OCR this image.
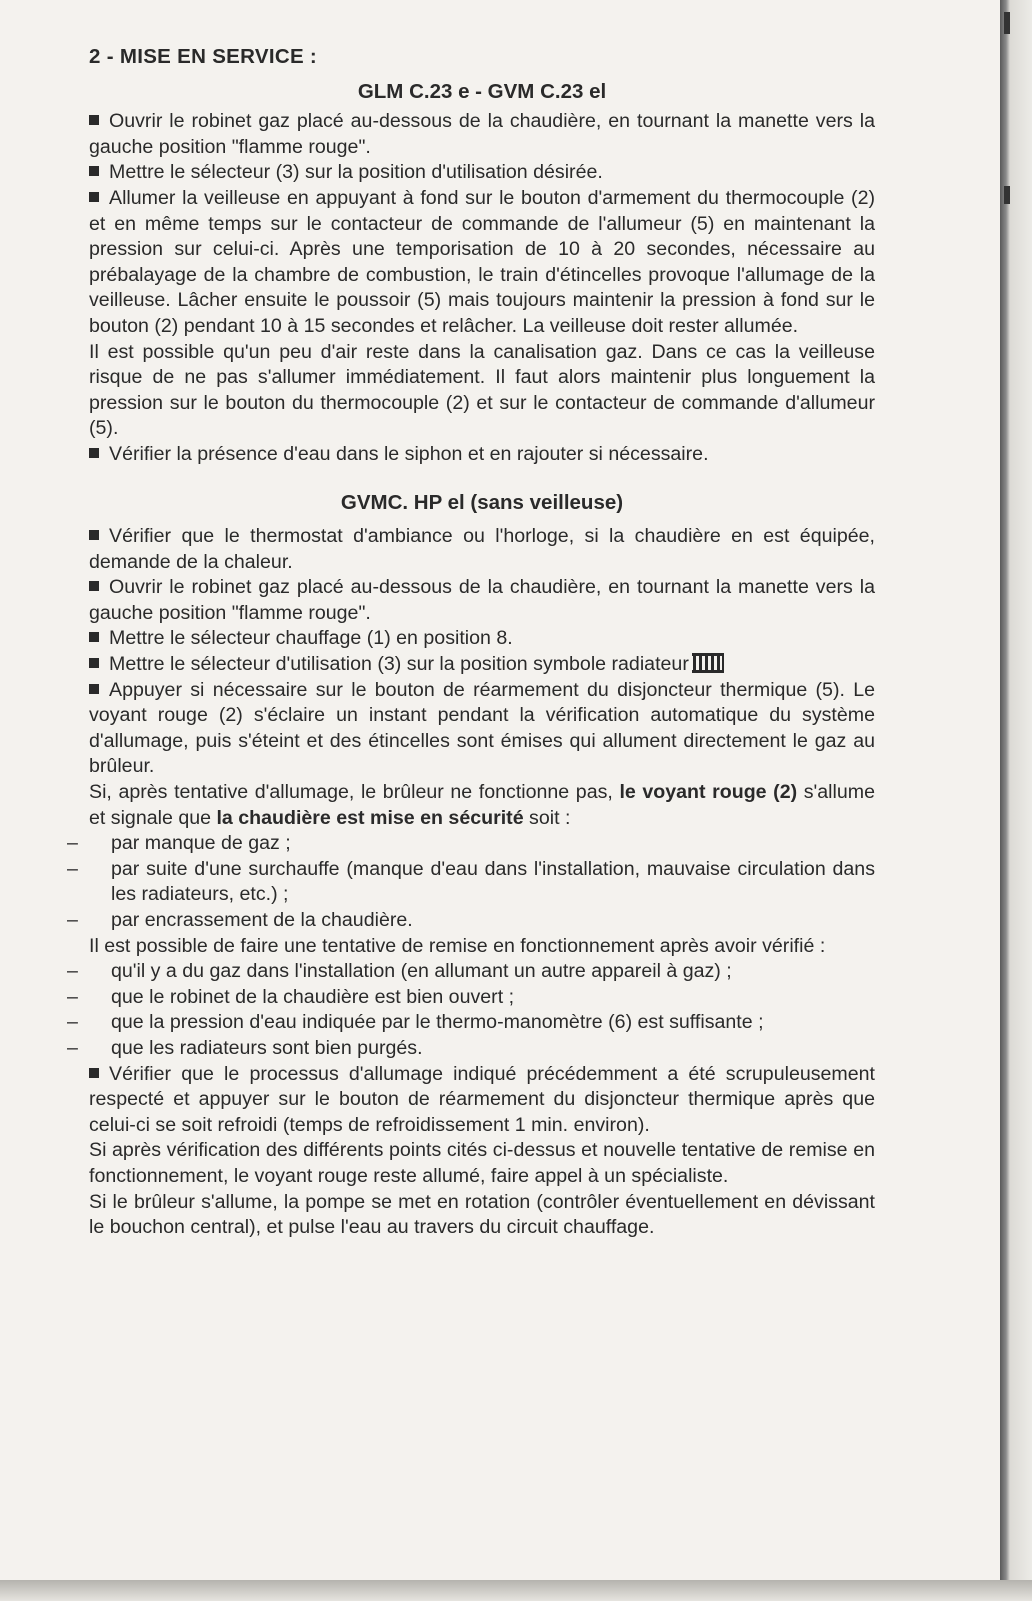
2 - MISE EN SERVICE :

GLM C.23 e - GVM C.23 el

Ouvrir le robinet gaz placé au-dessous de la chaudière, en tournant la manette vers la gauche position "flamme rouge".

Mettre le sélecteur (3) sur la position d'utilisation désirée.

Allumer la veilleuse en appuyant à fond sur le bouton d'armement du thermocouple (2) et en même temps sur le contacteur de commande de l'allumeur (5) en maintenant la pression sur celui-ci. Après une temporisation de 10 à 20 secondes, nécessaire au prébalayage de la chambre de combustion, le train d'étincelles provoque l'allumage de la veilleuse. Lâcher ensuite le poussoir (5) mais toujours maintenir la pression à fond sur le bouton (2) pendant 10 à 15 secondes et relâcher. La veilleuse doit rester allumée.

Il est possible qu'un peu d'air reste dans la canalisation gaz. Dans ce cas la veilleuse risque de ne pas s'allumer immédiatement. Il faut alors maintenir plus longuement la pression sur le bouton du thermocouple (2) et sur le contacteur de commande d'allumeur (5).

Vérifier la présence d'eau dans le siphon et en rajouter si nécessaire.

GVMC. HP el (sans veilleuse)

Vérifier que le thermostat d'ambiance ou l'horloge, si la chaudière en est équipée, demande de la chaleur.

Ouvrir le robinet gaz placé au-dessous de la chaudière, en tournant la manette vers la gauche position "flamme rouge".

Mettre le sélecteur chauffage (1) en position 8.

Mettre le sélecteur d'utilisation (3) sur la position symbole radiateur

Appuyer si nécessaire sur le bouton de réarmement du disjoncteur thermique (5). Le voyant rouge (2) s'éclaire un instant pendant la vérification automatique du système d'allumage, puis s'éteint et des étincelles sont émises qui allument directement le gaz au brûleur.

Si, après tentative d'allumage, le brûleur ne fonctionne pas, le voyant rouge (2) s'allume et signale que la chaudière est mise en sécurité soit :

– par manque de gaz ;

– par suite d'une surchauffe (manque d'eau dans l'installation, mauvaise circulation dans les radiateurs, etc.) ;

– par encrassement de la chaudière.

Il est possible de faire une tentative de remise en fonctionnement après avoir vérifié :

– qu'il y a du gaz dans l'installation (en allumant un autre appareil à gaz) ;

– que le robinet de la chaudière est bien ouvert ;

– que la pression d'eau indiquée par le thermo-manomètre (6) est suffisante ;

– que les radiateurs sont bien purgés.

Vérifier que le processus d'allumage indiqué précédemment a été scrupuleusement respecté et appuyer sur le bouton de réarmement du disjoncteur thermique après que celui-ci se soit refroidi (temps de refroidissement 1 min. environ).

Si après vérification des différents points cités ci-dessus et nouvelle tentative de remise en fonctionnement, le voyant rouge reste allumé, faire appel à un spécialiste.

Si le brûleur s'allume, la pompe se met en rotation (contrôler éventuellement en dévissant le bouchon central), et pulse l'eau au travers du circuit chauffage.
